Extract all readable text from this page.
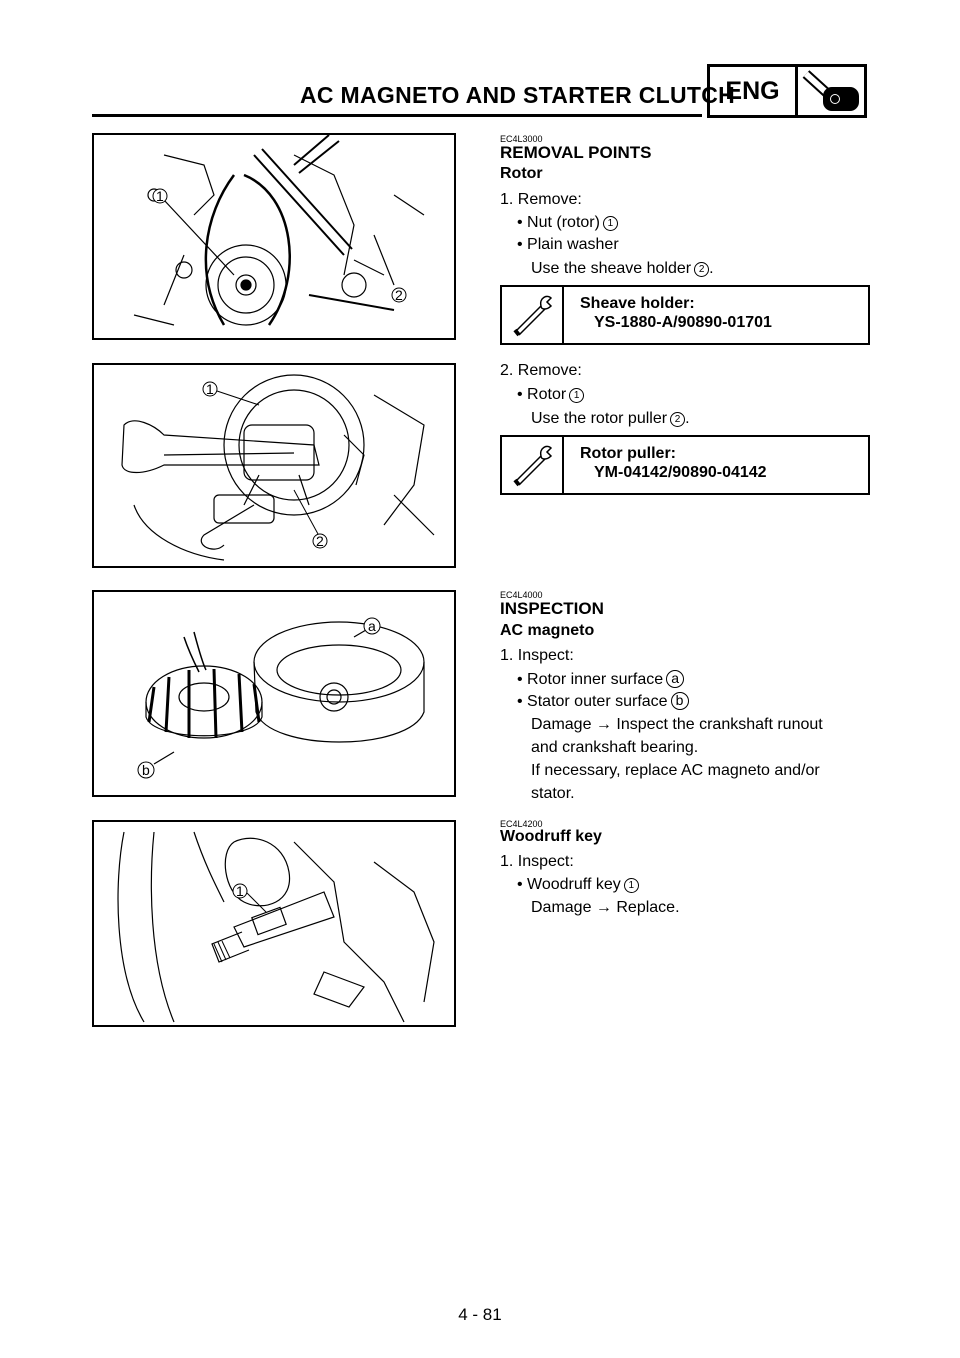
AC MAGNETO AND STARTER CLUTCH
ENG
1
2
1
2
a
b
1
EC4L3000
REMOVAL POINTS
Rotor
1. Remove:
• Nut (rotor) 1
• Plain washer
Use the sheave holder 2 .
Sheave holder:
YS-1880-A/90890-01701
2. Remove:
• Rotor 1
Use the rotor puller 2 .
Rotor puller:
YM-04142/90890-04142
EC4L4000
INSPECTION
AC magneto
1. Inspect:
• Rotor inner surface a
• Stator outer surface b
Damage → Inspect the crankshaft runout
and crankshaft bearing.
If necessary, replace AC magneto and/or
stator.
EC4L4200
Woodruff key
1. Inspect:
• Woodruff key 1
Damage → Replace.
4 - 81
